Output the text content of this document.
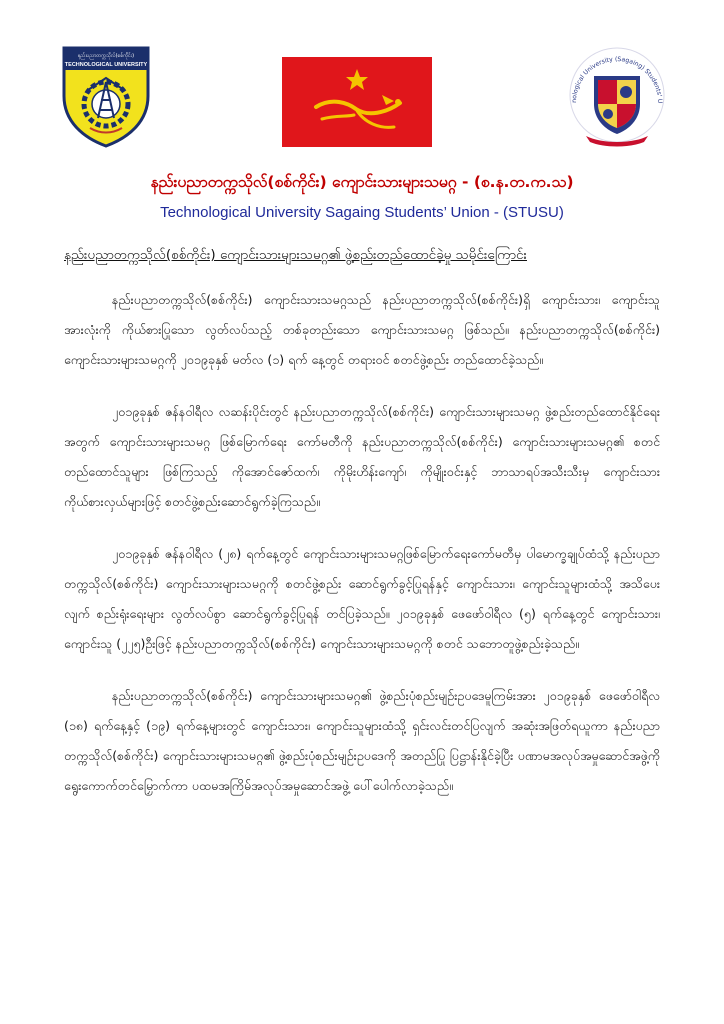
နည်းပညာတက္ကသိုလ်(စစ်ကိုင်း)
TECHNOLOGICAL UNIVERSITY
nological University (Sagaing) Students' U
နည်းပညာတက္ကသိုလ်(စစ်ကိုင်း) ကျောင်းသားများသမဂ္ဂ - (စ.န.တ.က.သ)
Technological University Sagaing Students’ Union - (STUSU)
နည်းပညာတက္ကသိုလ်(စစ်ကိုင်း) ကျောင်းသားများသမဂ္ဂ၏ ဖွဲ့စည်းတည်ထောင်ခဲ့မှု သမိုင်းကြောင်း

နည်းပညာတက္ကသိုလ်(စစ်ကိုင်း) ကျောင်းသားသမဂ္ဂသည် နည်းပညာတက္ကသိုလ်(စစ်ကိုင်း)ရှိ ကျောင်းသား၊ ကျောင်းသူအားလုံးကို ကိုယ်စားပြုသော လွတ်လပ်သည့် တစ်ခုတည်းသော ကျောင်းသားသမဂ္ဂ ဖြစ်သည်။ နည်းပညာတက္ကသိုလ်(စစ်ကိုင်း) ကျောင်းသားများသမဂ္ဂကို ၂၀၁၉ခုနှစ် မတ်လ (၁) ရက် နေ့တွင် တရားဝင် စတင်ဖွဲ့စည်း တည်ထောင်ခဲ့သည်။

၂၀၁၉ခုနှစ် ဇန်နဝါရီလ လဆန်းပိုင်းတွင် နည်းပညာတက္ကသိုလ်(စစ်ကိုင်း) ကျောင်းသားများသမဂ္ဂ ဖွဲ့စည်းတည်ထောင်နိုင်ရေးအတွက် ကျောင်းသားများသမဂ္ဂ ဖြစ်မြောက်ရေး ကော်မတီကို နည်းပညာတက္ကသိုလ်(စစ်ကိုင်း) ကျောင်းသားများသမဂ္ဂ၏ စတင်တည်ထောင်သူများ ဖြစ်ကြသည့် ကိုအောင်ဇော်ထက်၊ ကိုမိုးဟိန်းကျော်၊ ကိုမျိုးဝင်းနှင့် ဘာသာရပ်အသီးသီးမှ ကျောင်းသား ကိုယ်စားလှယ်များဖြင့် စတင်ဖွဲ့စည်းဆောင်ရွက်ခဲ့ကြသည်။

၂၀၁၉ခုနှစ် ဇန်နဝါရီလ (၂၈) ရက်နေ့တွင် ကျောင်းသားများသမဂ္ဂဖြစ်မြောက်ရေးကော်မတီမှ ပါမောက္ခချုပ်ထံသို့ နည်းပညာတက္ကသိုလ်(စစ်ကိုင်း) ကျောင်းသားများသမဂ္ဂကို စတင်ဖွဲ့စည်း ဆောင်ရွက်ခွင့်ပြုရန်နှင့် ကျောင်းသား၊ ကျောင်းသူများထံသို့ အသိပေးလျက် စည်းရုံးရေးများ လွတ်လပ်စွာ ဆောင်ရွက်ခွင့်ပြုရန် တင်ပြခဲ့သည်။ ၂၀၁၉ခုနှစ် ဖေဖော်ဝါရီလ (၅) ရက်နေ့တွင် ကျောင်းသား၊ ကျောင်းသူ (၂၂၅)ဦးဖြင့် နည်းပညာတက္ကသိုလ်(စစ်ကိုင်း) ကျောင်းသားများသမဂ္ဂကို စတင် သဘောတူဖွဲ့စည်းခဲ့သည်။

နည်းပညာတက္ကသိုလ်(စစ်ကိုင်း) ကျောင်းသားများသမဂ္ဂ၏ ဖွဲ့စည်းပုံစည်းမျဉ်းဥပဒေမူကြမ်းအား ၂၀၁၉ခုနှစ် ဖေဖော်ဝါရီလ (၁၈) ရက်နေ့နှင့် (၁၉) ရက်နေ့များတွင် ကျောင်းသား၊ ကျောင်းသူများထံသို့ ရှင်းလင်းတင်ပြလျက် အဆုံးအဖြတ်ရယူကာ နည်းပညာတက္ကသိုလ်(စစ်ကိုင်း) ကျောင်းသားများသမဂ္ဂ၏ ဖွဲ့စည်းပုံစည်းမျဉ်းဥပဒေကို အတည်ပြု ပြဋ္ဌာန်းနိုင်ခဲ့ပြီး ပဏာမအလုပ်အမှုဆောင်အဖွဲ့ကို ရွေးကောက်တင်မြှောက်ကာ ပထမအကြိမ်အလုပ်အမှုဆောင်အဖွဲ့ ပေါ်ပေါက်လာခဲ့သည်။
